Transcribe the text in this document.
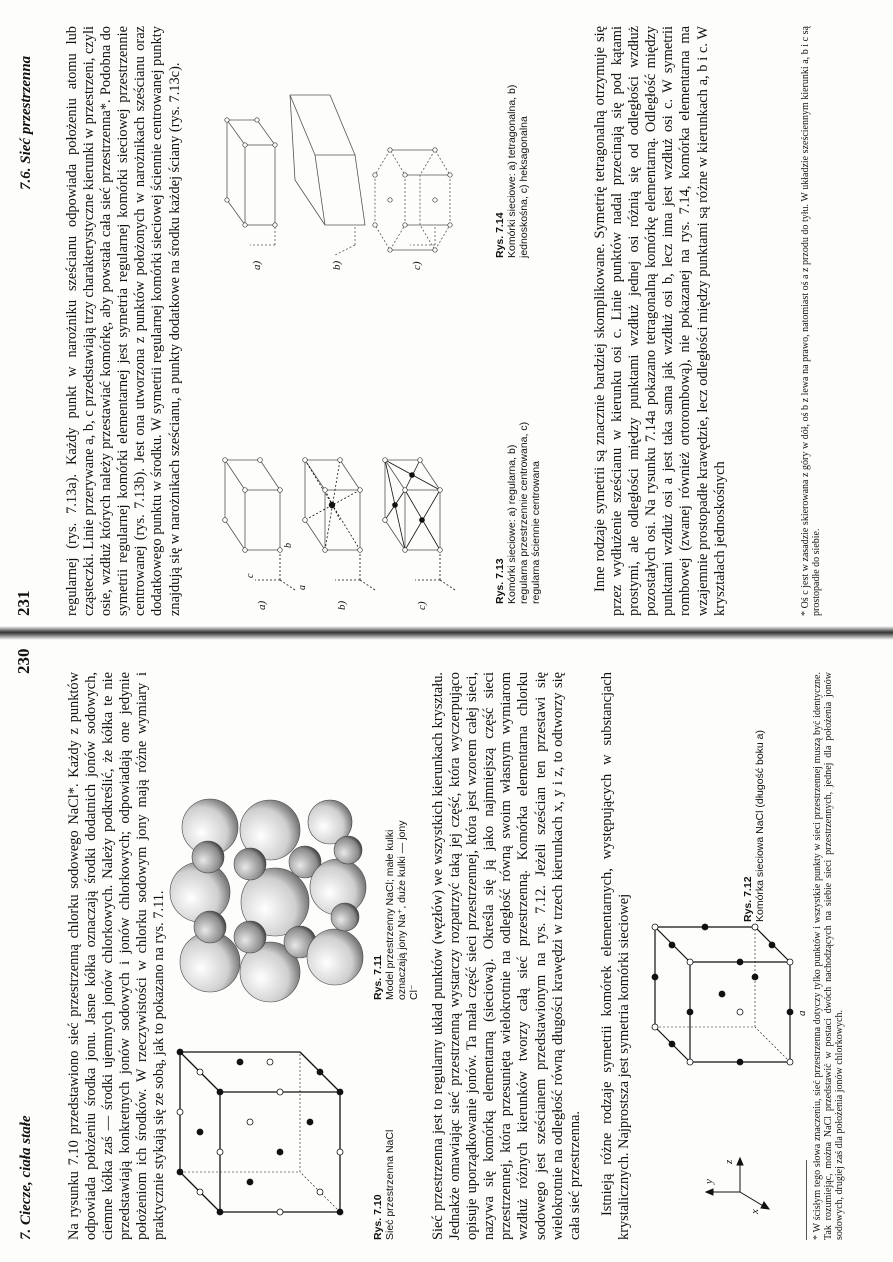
7. Ciecze, ciała stałe
230

Na rysunku 7.10 przedstawiono sieć przestrzenną chlorku sodowego NaCl*. Każdy z punktów odpowiada położeniu środka jonu. Jasne kółka oznaczają środki dodatnich jonów sodowych, ciemne kółka zaś — środki ujemnych jonów chlorkowych. Należy podkreślić, że kółka te nie przedstawiają konkretnych jonów sodowych i jonów chlorkowych; odpowiadają one jedynie położeniom ich środków. W rzeczywistości w chlorku sodowym jony mają różne wymiary i praktycznie stykają się ze sobą, jak to pokazano na rys. 7.11.	Rys. 7.10
Sieć przestrzenna NaCl
Rys. 7.11
Model przestrzenny NaCl; małe kulki oznaczają jony Na⁺, duże kulki — jony Cl⁻ Sieć przestrzenna jest to regularny układ punktów (węzłów) we wszystkich kierunkach kryształu. Jednakże omawiając sieć przestrzenną wystarczy rozpatrzyć taką jej część, która wyczerpująco opisuje uporządkowanie jonów. Ta mała część sieci przestrzennej, która jest wzorem całej sieci, nazywa się komórką elementarną (sieciową). Określa się ją jako najmniejszą część sieci przestrzennej, która przesunięta wielokrotnie na odległość równą swoim własnym wymiarom wzdłuż różnych kierunków tworzy całą sieć przestrzenną. Komórka elementarna chlorku sodowego jest sześcianem przedstawionym na rys. 7.12. Jeżeli sześcian ten przestawi się wielokrotnie na odległość równą długości krawędzi w trzech kierunkach x, y i z, to odtworzy się cała sieć przestrzenna. Istnieją różne rodzaje symetrii komórek elementarnych, występujących w substancjach krystalicznych. Najprostsza jest symetria komórki sieciowej	y
z
x
a
Rys. 7.12
Komórka sieciowa NaCl (długość boku a)	* W ścisłym tego słowa znaczeniu, sieć przestrzenna dotyczy tylko punktów i wszystkie punkty w sieci przestrzennej muszą być identyczne. Tak rozumiejąc, można NaCl przedstawić w postaci dwóch nachodzących na siebie sieci przestrzennych, jednej dla położenia jonów sodowych, drugiej zaś dla położenia jonów chlorkowych.
231
7.6. Sieć przestrzenna regularnej (rys. 7.13a). Każdy punkt w narożniku sześcianu odpowiada położeniu atomu lub cząsteczki. Linie przerywane a, b, c przedstawiają trzy charakterystyczne kierunki w przestrzeni, czyli osie, wzdłuż których należy przestawiać komórkę, aby powstała cała sieć przestrzenna*. Podobna do symetrii regularnej komórki elementarnej jest symetria regularnej komórki sieciowej przestrzennie centrowanej (rys. 7.13b). Jest ona utworzona z punktów położonych w narożnikach sześcianu oraz dodatkowego punktu w środku. W symetrii regularnej komórki sieciowej ściennie centrowanej punkty znajdują się w narożnikach sześcianu, a punkty dodatkowe na środku każdej ściany (rys. 7.13c).	a)	b)	c)
a
c
b
Rys. 7.13
Komórki sieciowe: a) regularna, b) regularna przestrzennie centrowana, c) regularna ściennie centrowana
a)	b)	c)
Rys. 7.14
Komórki sieciowe: a) tetragonalna, b) jednoskośna, c) heksagonalna	Inne rodzaje symetrii są znacznie bardziej skomplikowane. Symetrię tetragonalną otrzymuje się przez wydłużenie sześcianu w kierunku osi c. Linie punktów nadal przecinają się pod kątami prostymi, ale odległości między punktami wzdłuż jednej osi różnią się od odległości wzdłuż pozostałych osi. Na rysunku 7.14a pokazano tetragonalną komórkę elementarną. Odległość między punktami wzdłuż osi a jest taka sama jak wzdłuż osi b, lecz inna jest wzdłuż osi c. W symetrii rombowej (zwanej również ortorombową), nie pokazanej na rys. 7.14, komórka elementarna ma wzajemnie prostopadłe krawędzie, lecz odległości między punktami są różne w kierunkach a, b i c. W kryształach jednoskośnych	* Oś c jest w zasadzie skierowana z góry w dół, oś b z lewa na prawo, natomiast oś a z przodu do tyłu. W układzie sześciennym kierunki a, b i c są prostopadłe do siebie.
